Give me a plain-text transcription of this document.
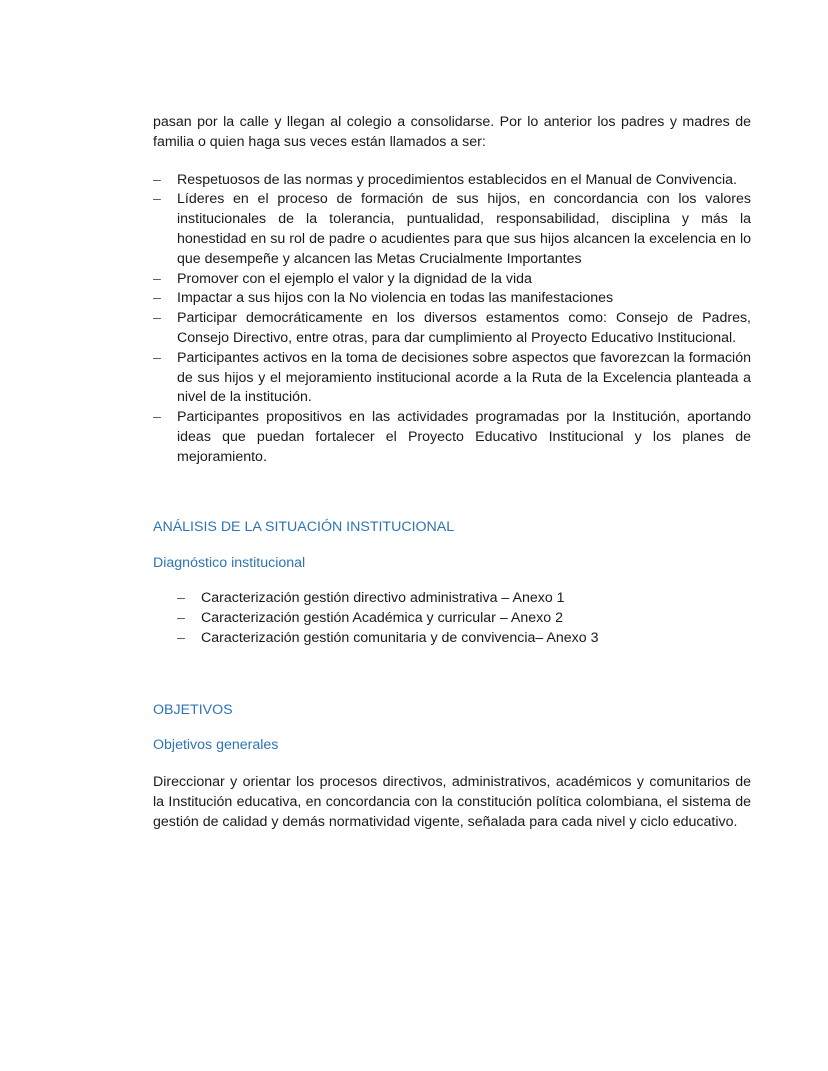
pasan por la calle y llegan al colegio a consolidarse. Por lo anterior los padres y madres de familia o quien haga sus veces están llamados a ser:

– Respetuosos de las normas y procedimientos establecidos en el Manual de Convivencia.
– Líderes en el proceso de formación de sus hijos, en concordancia con los valores institucionales de la tolerancia, puntualidad, responsabilidad, disciplina y más la honestidad en su rol de padre o acudientes para que sus hijos alcancen la excelencia en lo que desempeñe y alcancen las Metas Crucialmente Importantes
– Promover con el ejemplo el valor y la dignidad de la vida
– Impactar a sus hijos con la No violencia en todas las manifestaciones
– Participar democráticamente en los diversos estamentos como: Consejo de Padres, Consejo Directivo, entre otras, para dar cumplimiento al Proyecto Educativo Institucional.
– Participantes activos en la toma de decisiones sobre aspectos que favorezcan la formación de sus hijos y el mejoramiento institucional acorde a la Ruta de la Excelencia planteada a nivel de la institución.
– Participantes propositivos en las actividades programadas por la Institución, aportando ideas que puedan fortalecer el Proyecto Educativo Institucional y los planes de mejoramiento.
ANÁLISIS DE LA SITUACIÓN INSTITUCIONAL
Diagnóstico institucional
– Caracterización gestión directivo administrativa – Anexo 1
– Caracterización gestión Académica y curricular – Anexo 2
– Caracterización gestión comunitaria y de convivencia– Anexo 3
OBJETIVOS
Objetivos generales

Direccionar y orientar los procesos directivos, administrativos, académicos y comunitarios de la Institución educativa, en concordancia con la constitución política colombiana, el sistema de gestión de calidad y demás normatividad vigente, señalada para cada nivel y ciclo educativo.
